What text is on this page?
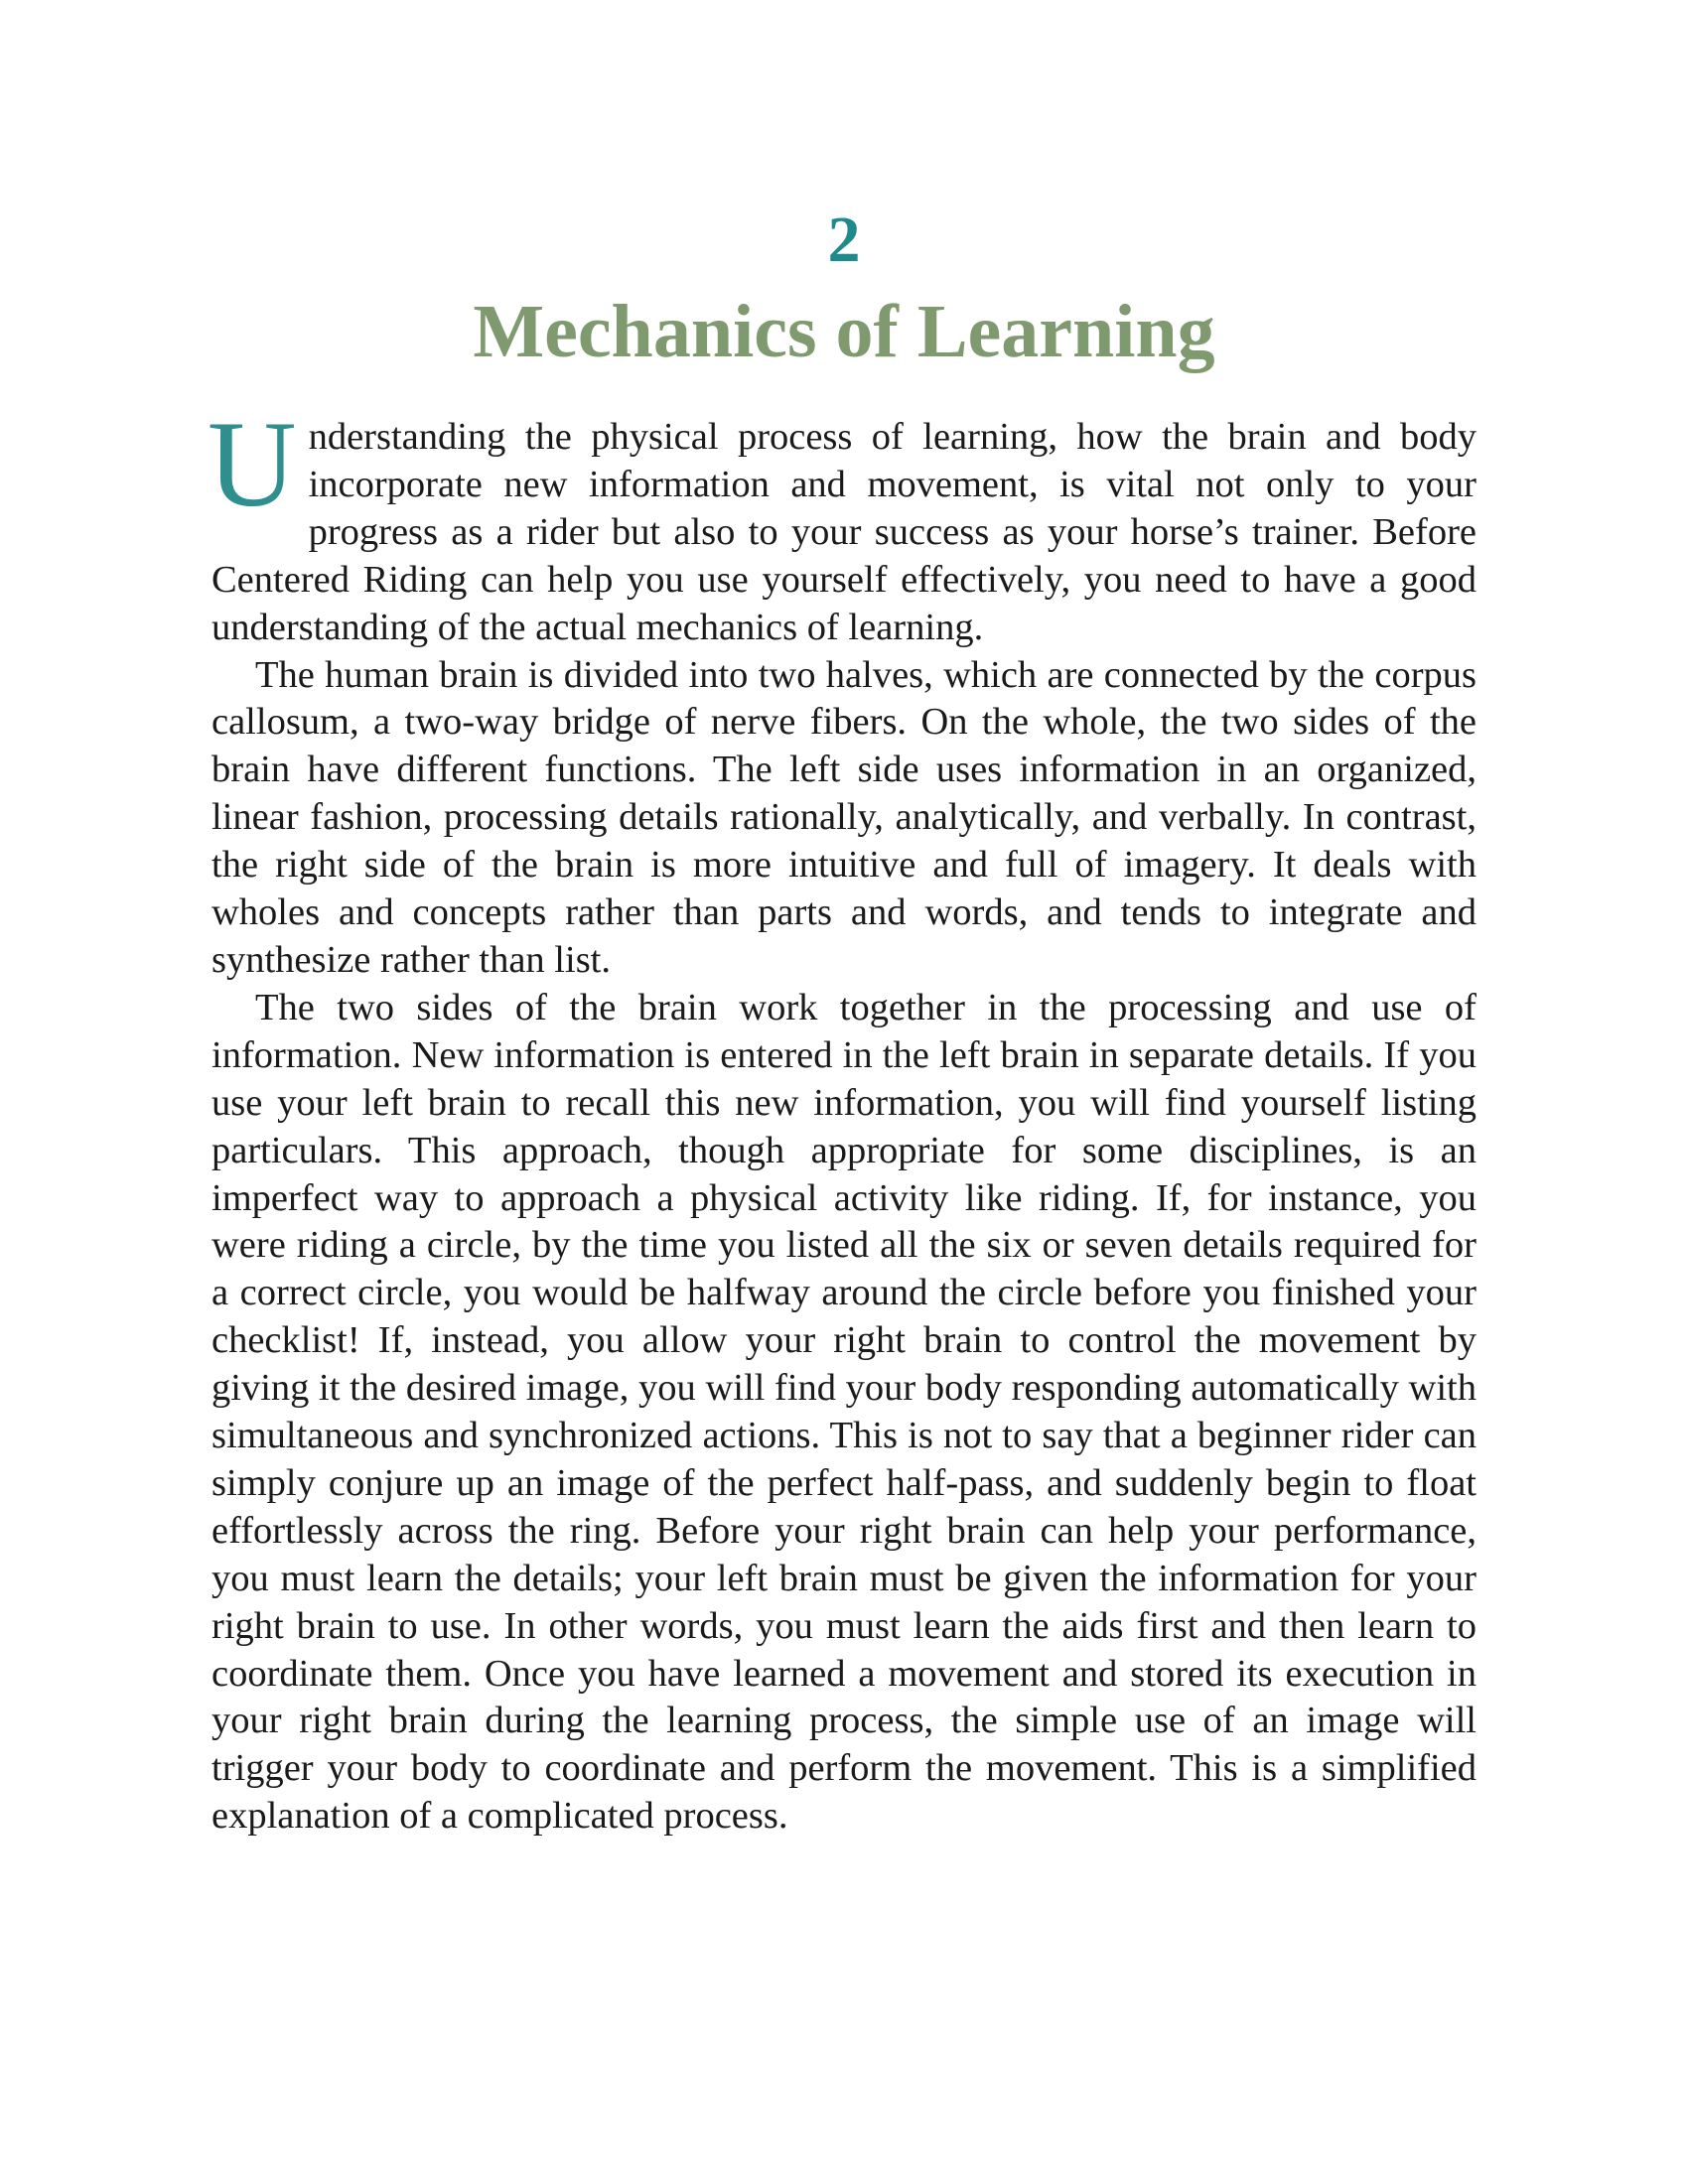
2
Mechanics of Learning

Understanding the physical process of learning, how the brain and body incorporate new information and movement, is vital not only to your progress as a rider but also to your success as your horse’s trainer. Before Centered Riding can help you use yourself effectively, you need to have a good understanding of the actual mechanics of learning.

The human brain is divided into two halves, which are connected by the corpus callosum, a two-way bridge of nerve fibers. On the whole, the two sides of the brain have different functions. The left side uses information in an organized, linear fashion, processing details rationally, analytically, and verbally. In contrast, the right side of the brain is more intuitive and full of imagery. It deals with wholes and concepts rather than parts and words, and tends to integrate and synthesize rather than list.

The two sides of the brain work together in the processing and use of information. New information is entered in the left brain in separate details. If you use your left brain to recall this new information, you will find yourself listing particulars. This approach, though appropriate for some disciplines, is an imperfect way to approach a physical activity like riding. If, for instance, you were riding a circle, by the time you listed all the six or seven details required for a correct circle, you would be halfway around the circle before you finished your checklist! If, instead, you allow your right brain to control the movement by giving it the desired image, you will find your body responding automatically with simultaneous and synchronized actions. This is not to say that a beginner rider can simply conjure up an image of the perfect half-pass, and suddenly begin to float effortlessly across the ring. Before your right brain can help your performance, you must learn the details; your left brain must be given the information for your right brain to use. In other words, you must learn the aids first and then learn to coordinate them. Once you have learned a movement and stored its execution in your right brain during the learning process, the simple use of an image will trigger your body to coordinate and perform the movement. This is a simplified explanation of a complicated process.
